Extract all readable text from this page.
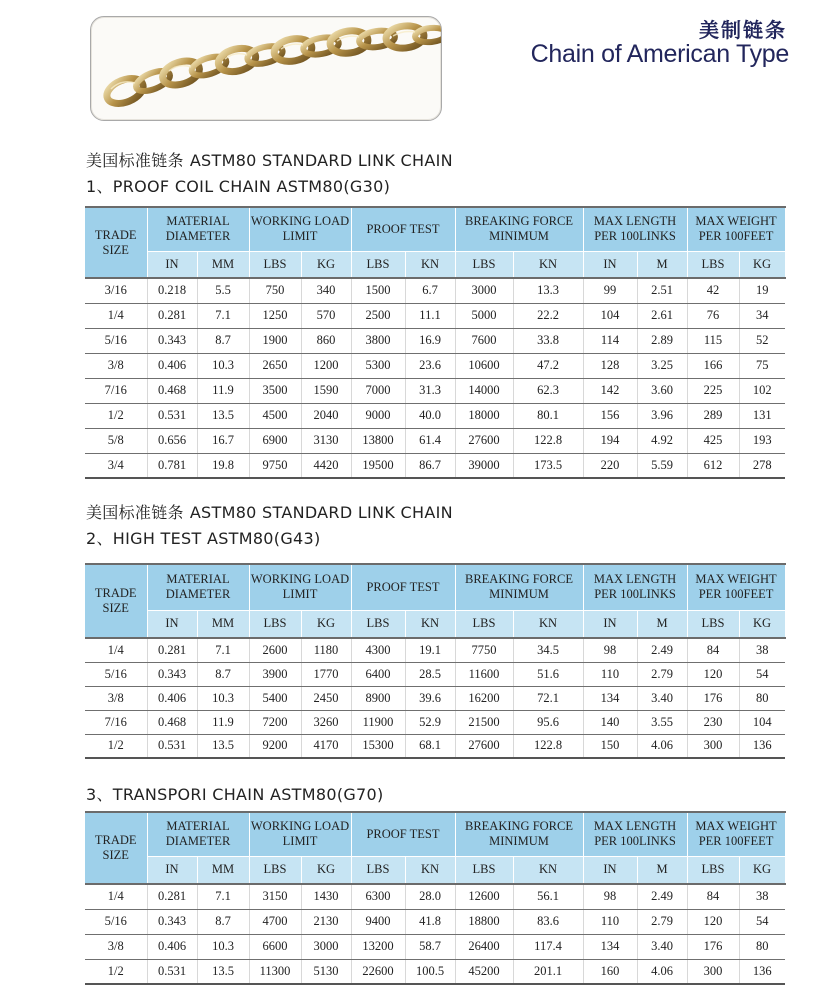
美制链条
Chain of American Type
美国标准链条 ASTM80 STANDARD LINK CHAIN
1、PROOF COIL CHAIN ASTM80(G30)
TRADE SIZE	MATERIAL DIAMETER		WORKING LOAD LIMIT		PROOF TEST		BREAKING FORCE MINIMUM		MAX LENGTH PER 100LINKS		MAX WEIGHT PER 100FEET	
	IN	MM	LBS	KG	LBS	KN	LBS	KN	IN	M	LBS	KG
3/16	0.218	5.5	750	340	1500	6.7	3000	13.3	99	2.51	42	19
1/4	0.281	7.1	1250	570	2500	11.1	5000	22.2	104	2.61	76	34
5/16	0.343	8.7	1900	860	3800	16.9	7600	33.8	114	2.89	115	52
3/8	0.406	10.3	2650	1200	5300	23.6	10600	47.2	128	3.25	166	75
7/16	0.468	11.9	3500	1590	7000	31.3	14000	62.3	142	3.60	225	102
1/2	0.531	13.5	4500	2040	9000	40.0	18000	80.1	156	3.96	289	131
5/8	0.656	16.7	6900	3130	13800	61.4	27600	122.8	194	4.92	425	193
3/4	0.781	19.8	9750	4420	19500	86.7	39000	173.5	220	5.59	612	278
美国标准链条 ASTM80 STANDARD LINK CHAIN
2、HIGH TEST ASTM80(G43)
TRADE SIZE	MATERIAL DIAMETER		WORKING LOAD LIMIT		PROOF TEST		BREAKING FORCE MINIMUM		MAX LENGTH PER 100LINKS		MAX WEIGHT PER 100FEET	
	IN	MM	LBS	KG	LBS	KN	LBS	KN	IN	M	LBS	KG
1/4	0.281	7.1	2600	1180	4300	19.1	7750	34.5	98	2.49	84	38
5/16	0.343	8.7	3900	1770	6400	28.5	11600	51.6	110	2.79	120	54
3/8	0.406	10.3	5400	2450	8900	39.6	16200	72.1	134	3.40	176	80
7/16	0.468	11.9	7200	3260	11900	52.9	21500	95.6	140	3.55	230	104
1/2	0.531	13.5	9200	4170	15300	68.1	27600	122.8	150	4.06	300	136
3、TRANSPORI CHAIN ASTM80(G70)
TRADE SIZE	MATERIAL DIAMETER		WORKING LOAD LIMIT		PROOF TEST		BREAKING FORCE MINIMUM		MAX LENGTH PER 100LINKS		MAX WEIGHT PER 100FEET	
	IN	MM	LBS	KG	LBS	KN	LBS	KN	IN	M	LBS	KG
1/4	0.281	7.1	3150	1430	6300	28.0	12600	56.1	98	2.49	84	38
5/16	0.343	8.7	4700	2130	9400	41.8	18800	83.6	110	2.79	120	54
3/8	0.406	10.3	6600	3000	13200	58.7	26400	117.4	134	3.40	176	80
1/2	0.531	13.5	11300	5130	22600	100.5	45200	201.1	160	4.06	300	136
